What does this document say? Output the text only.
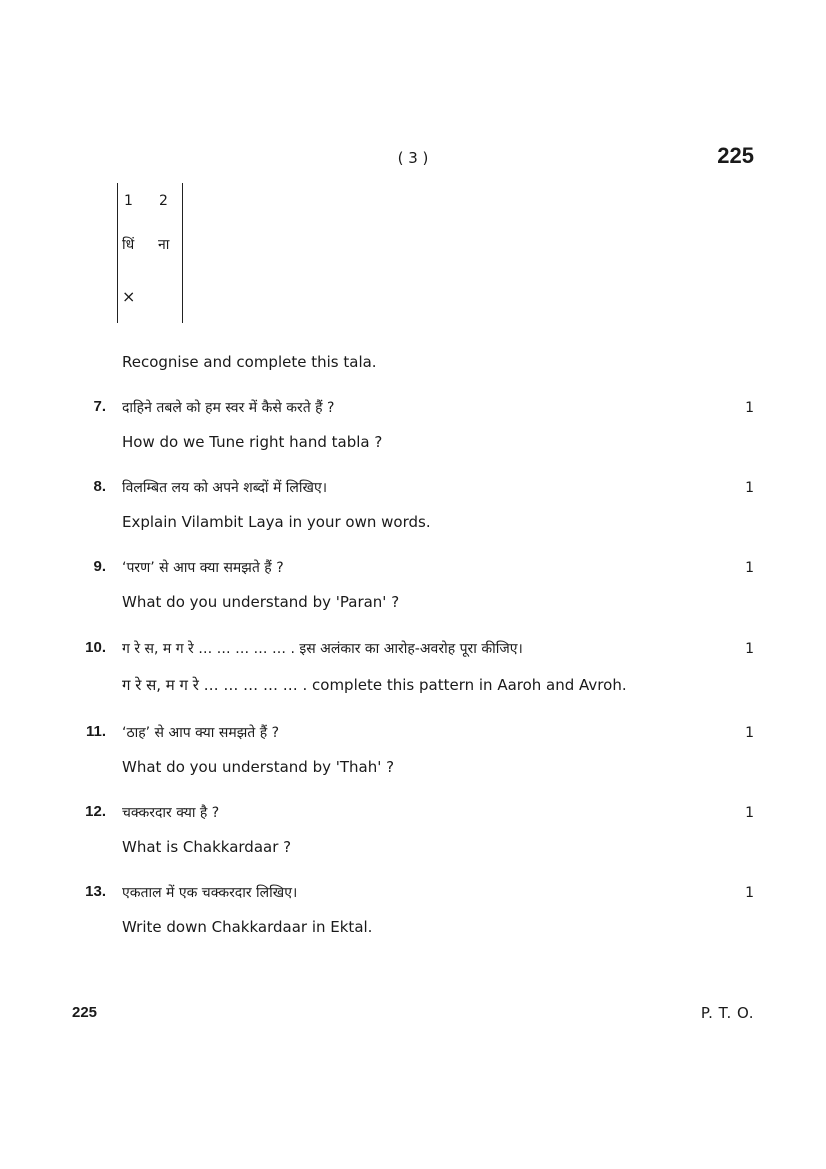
( 3 )	225
1 2
धिं ना
×
Recognise and complete this tala.
7. दाहिने तबले को हम स्वर में कैसे करते हैं ?	1
How do we Tune right hand tabla ?
8. विलम्बित लय को अपने शब्दों में लिखिए।	1
Explain Vilambit Laya in your own words.
9. ‘परण’ से आप क्या समझते हैं ?	1
What do you understand by 'Paran' ?
10. ग रे स, म ग रे … … … … … . इस अलंकार का आरोह-अवरोह पूरा कीजिए।	1
ग रे स, म ग रे … … … … … . complete this pattern in Aaroh and Avroh.
11. ‘ठाह’ से आप क्या समझते हैं ?	1
What do you understand by 'Thah' ?
12. चक्करदार क्या है ?	1
What is Chakkardaar ?
13. एकताल में एक चक्करदार लिखिए।	1
Write down Chakkardaar in Ektal.
225	P. T. O.
